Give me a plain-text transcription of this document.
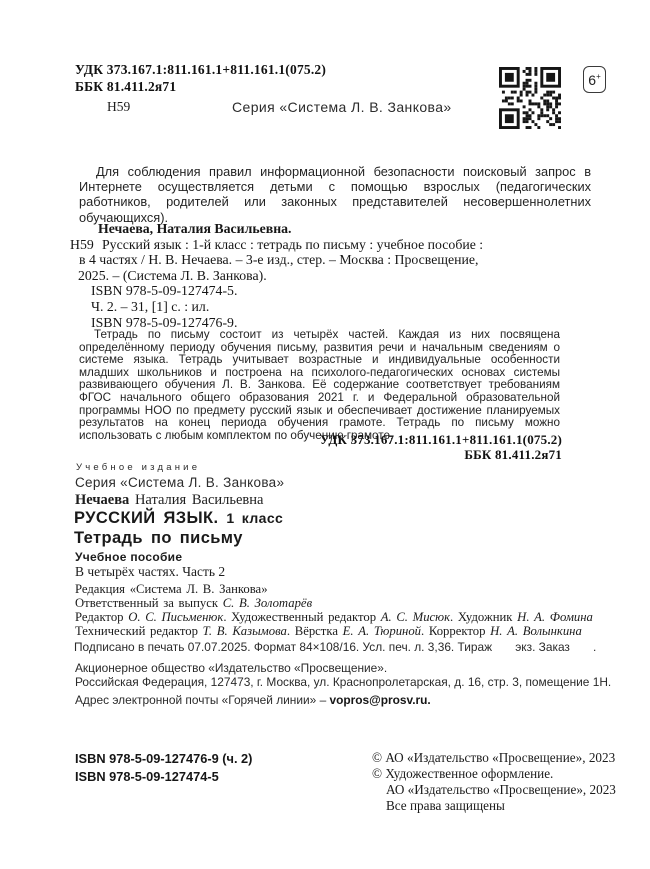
УДК 373.167.1:811.161.1+811.161.1(075.2)
ББК 81.411.2я71
Н59	Серия «Система Л. В. Занкова»
6 +
Для соблюдения правил информационной безопасности поисковый запрос в Интернете осуществляется детьми с помощью взрослых (педагогических работников, родителей или законных представителей несовершеннолетних обучающихся).
Нечаева, Наталия Васильевна.
Н59 Русский язык : 1-й класс : тетрадь по письму : учебное пособие :
в 4 частях / Н. В. Нечаева. – 3-е изд., стер. – Москва : Просвещение,
2025. – (Система Л. В. Занкова).
ISBN 978-5-09-127474-5.
Ч. 2. – 31, [1] с. : ил.
ISBN 978-5-09-127476-9.
Тетрадь по письму состоит из четырёх частей. Каждая из них посвящена определённому периоду обучения письму, развития речи и начальным сведениям о системе языка. Тетрадь учитывает возрастные и индивидуальные особенности младших школьников и построена на психолого-педагогических основах системы развивающего обучения Л. В. Занкова. Её содержание соответствует требованиям ФГОС начального общего образования 2021 г. и Федеральной образовательной программы НОО по предмету русский язык и обеспечивает достижение планируемых результатов на конец периода обучения грамоте. Тетрадь по письму можно использовать с любым комплектом по обучению грамоте.
УДК 373.167.1:811.161.1+811.161.1(075.2)
ББК 81.411.2я71
Учебное издание
Серия «Система Л. В. Занкова»
Нечаева Наталия Васильевна
РУССКИЙ ЯЗЫК. 1 класс
Тетрадь по письму
Учебное пособие
В четырёх частях. Часть 2
Редакция «Система Л. В. Занкова»
Ответственный за выпуск С. В. Золотарёв
Редактор О. С. Письменюк. Художественный редактор А. С. Мисюк. Художник Н. А. Фомина
Технический редактор Т. В. Казымова. Вёрстка Е. А. Тюриной. Корректор Н. А. Волынкина
Подписано в печать 07.07.2025. Формат 84×108/16. Усл. печ. л. 3,36. Тираж       экз. Заказ       .
Акционерное общество «Издательство «Просвещение».
Российская Федерация, 127473, г. Москва, ул. Краснопролетарская, д. 16, стр. 3, помещение 1Н.
Адрес электронной почты «Горячей линии» – vopros@prosv.ru.
ISBN 978-5-09-127476-9 (ч. 2)
ISBN 978-5-09-127474-5
© АО «Издательство «Просвещение», 2023
© Художественное оформление.
АО «Издательство «Просвещение», 2023
Все права защищены
